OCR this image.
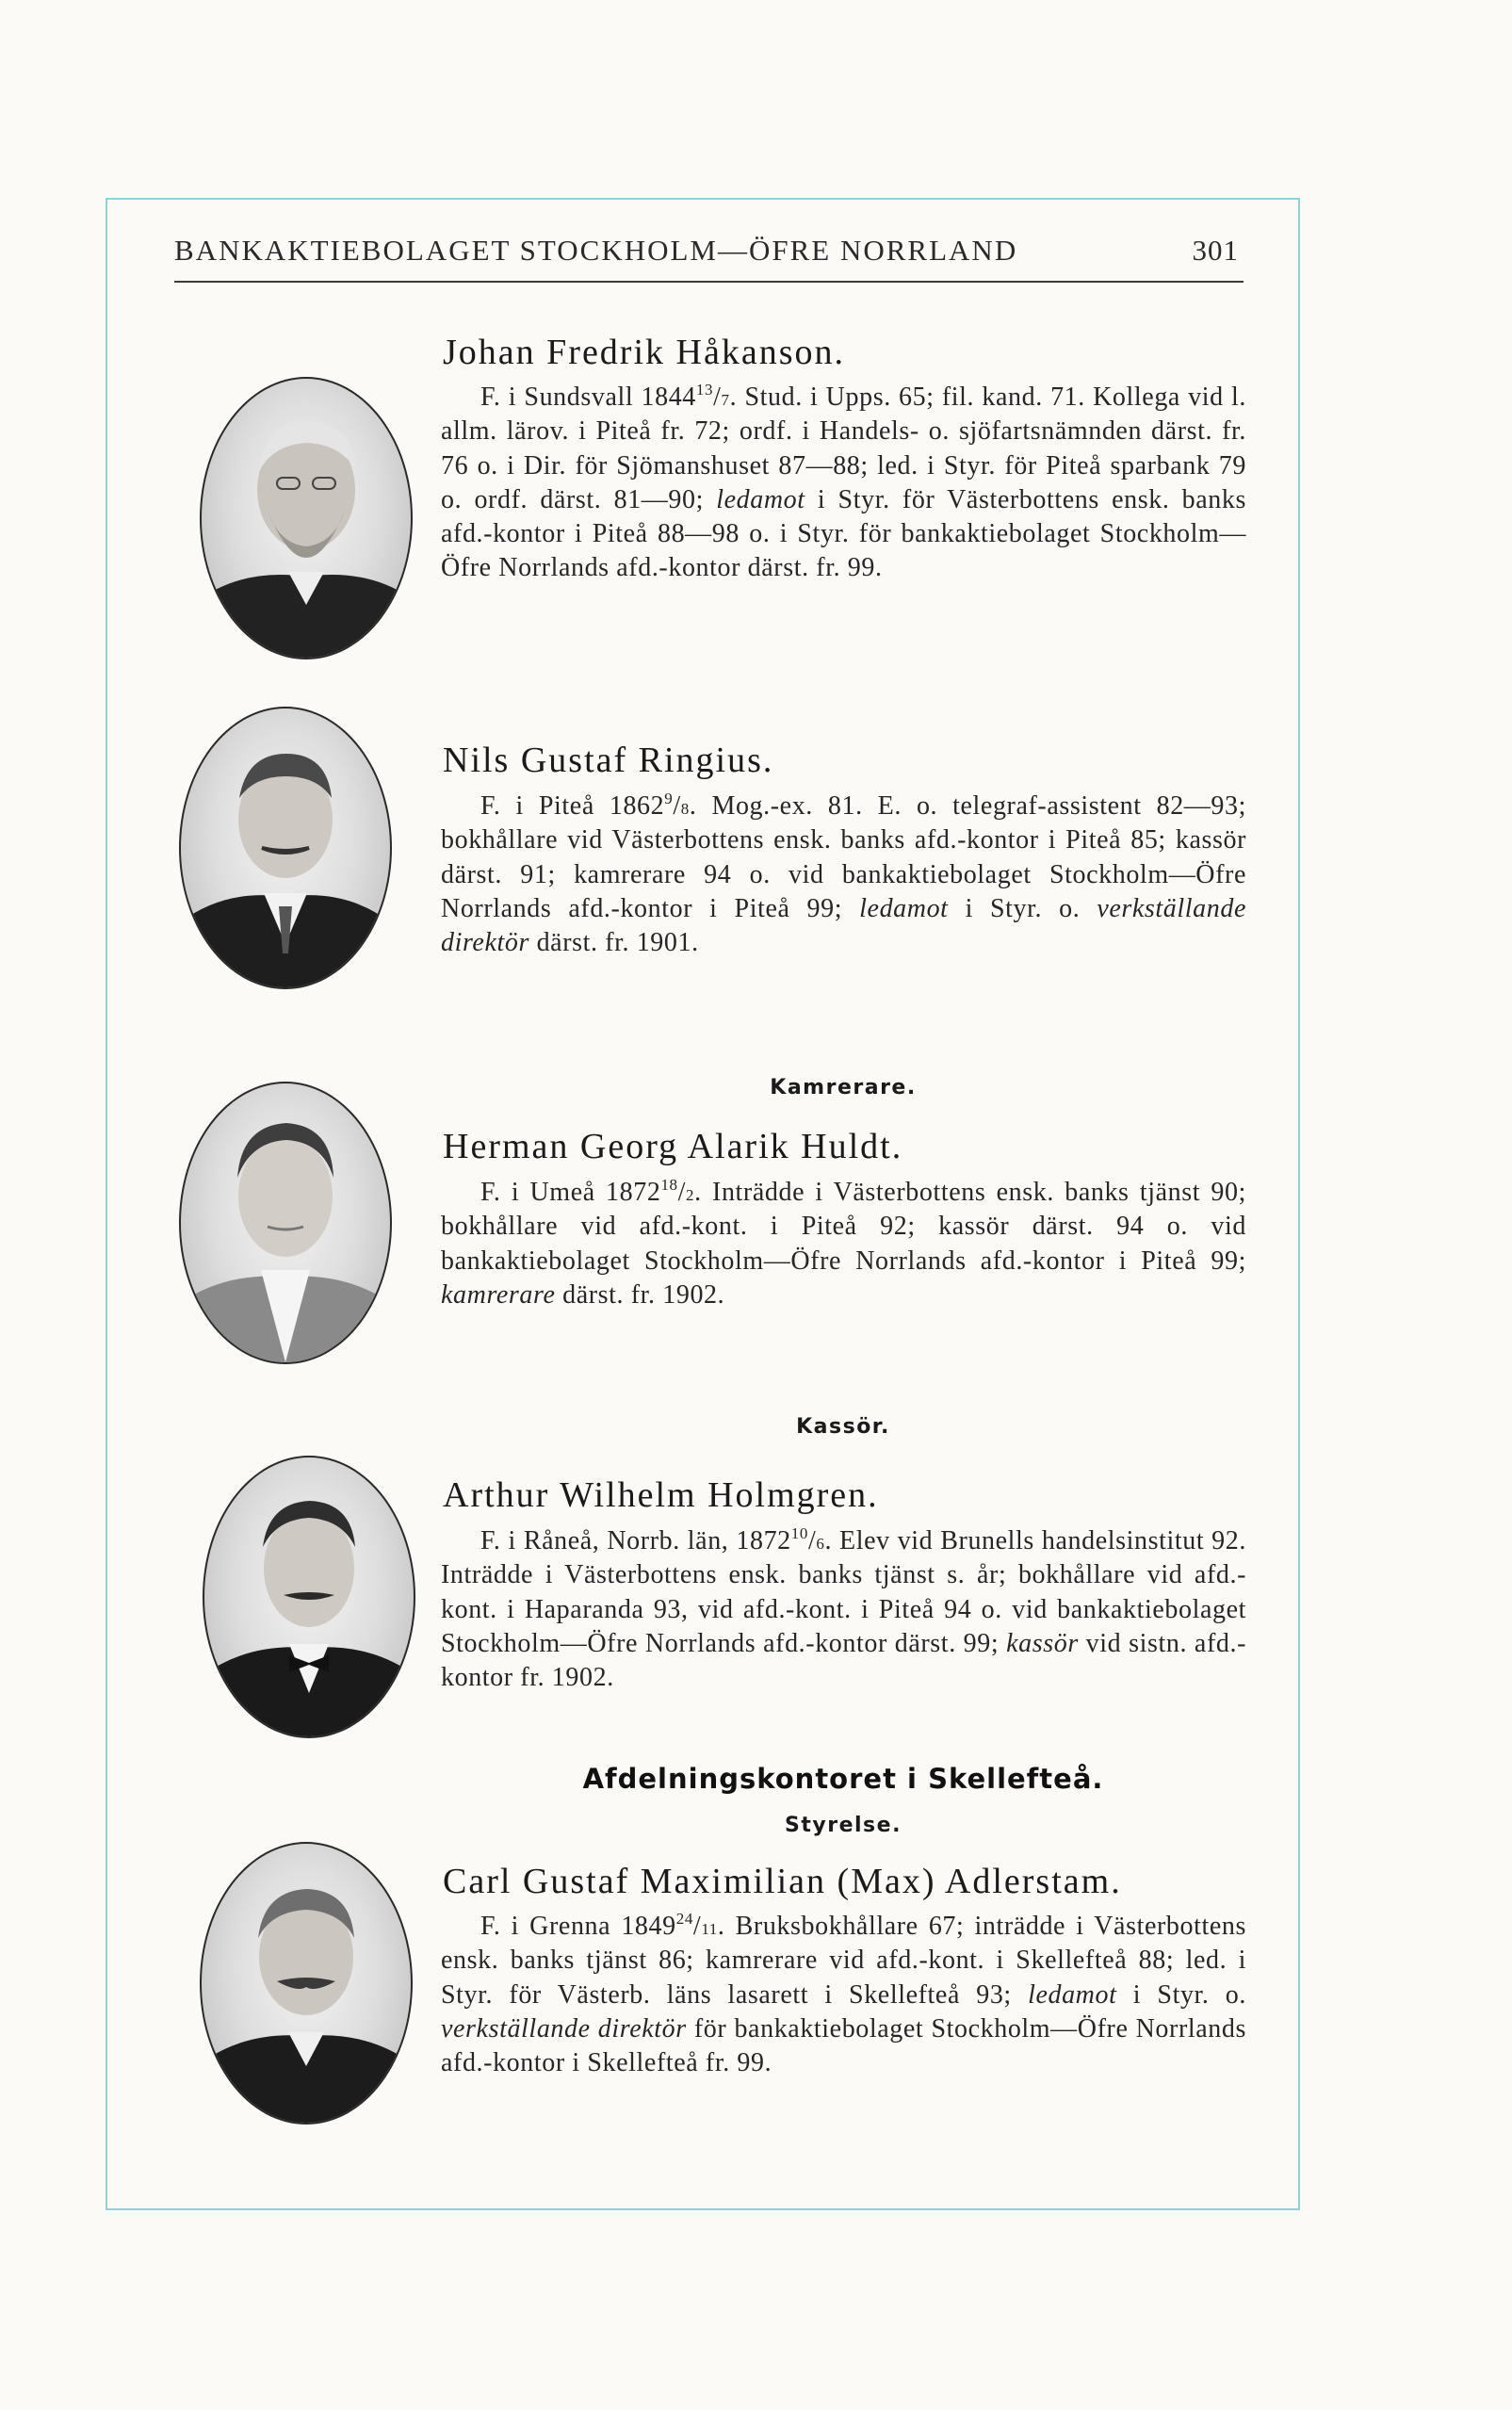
BANKAKTIEBOLAGET STOCKHOLM—ÖFRE NORRLAND	301
Johan Fredrik Håkanson.
F. i Sundsvall 1844$^{13}$/7. Stud. i Upps. 65; fil. kand. 71. Kollega vid l. allm. lärov. i Piteå fr. 72; ordf. i Handels- o. sjöfartsnämnden därst. fr. 76 o. i Dir. för Sjömanshuset 87—88; led. i Styr. för Piteå sparbank 79 o. ordf. därst. 81—90; ledamot i Styr. för Västerbottens ensk. banks afd.-kontor i Piteå 88—98 o. i Styr. för bankaktiebolaget Stockholm—Öfre Norrlands afd.-kontor därst. fr. 99.
Nils Gustaf Ringius.
F. i Piteå 1862$^9$/8. Mog.-ex. 81. E. o. telegraf-assistent 82—93; bokhållare vid Västerbottens ensk. banks afd.-kontor i Piteå 85; kassör därst. 91; kamrerare 94 o. vid bankaktiebolaget Stockholm—Öfre Norrlands afd.-kontor i Piteå 99; ledamot i Styr. o. verkställande direktör därst. fr. 1901.
Kamrerare.
Herman Georg Alarik Huldt.
F. i Umeå 1872$^{18}$/2. Inträdde i Västerbottens ensk. banks tjänst 90; bokhållare vid afd.-kont. i Piteå 92; kassör därst. 94 o. vid bankaktiebolaget Stockholm—Öfre Norrlands afd.-kontor i Piteå 99; kamrerare därst. fr. 1902.
Kassör.
Arthur Wilhelm Holmgren.
F. i Råneå, Norrb. län, 1872$^{10}$/6. Elev vid Brunells handelsinstitut 92. Inträdde i Västerbottens ensk. banks tjänst s. år; bokhållare vid afd.-kont. i Haparanda 93, vid afd.-kont. i Piteå 94 o. vid bankaktiebolaget Stockholm—Öfre Norrlands afd.-kontor därst. 99; kassör vid sistn. afd.-kontor fr. 1902.
Afdelningskontoret i Skellefteå.
Styrelse.
Carl Gustaf Maximilian (Max) Adlerstam.
F. i Grenna 1849$^{24}$/11. Bruksbokhållare 67; inträdde i Västerbottens ensk. banks tjänst 86; kamrerare vid afd.-kont. i Skellefteå 88; led. i Styr. för Västerb. läns lasarett i Skellefteå 93; ledamot i Styr. o. verkställande direktör för bankaktiebolaget Stockholm—Öfre Norrlands afd.-kontor i Skellefteå fr. 99.
